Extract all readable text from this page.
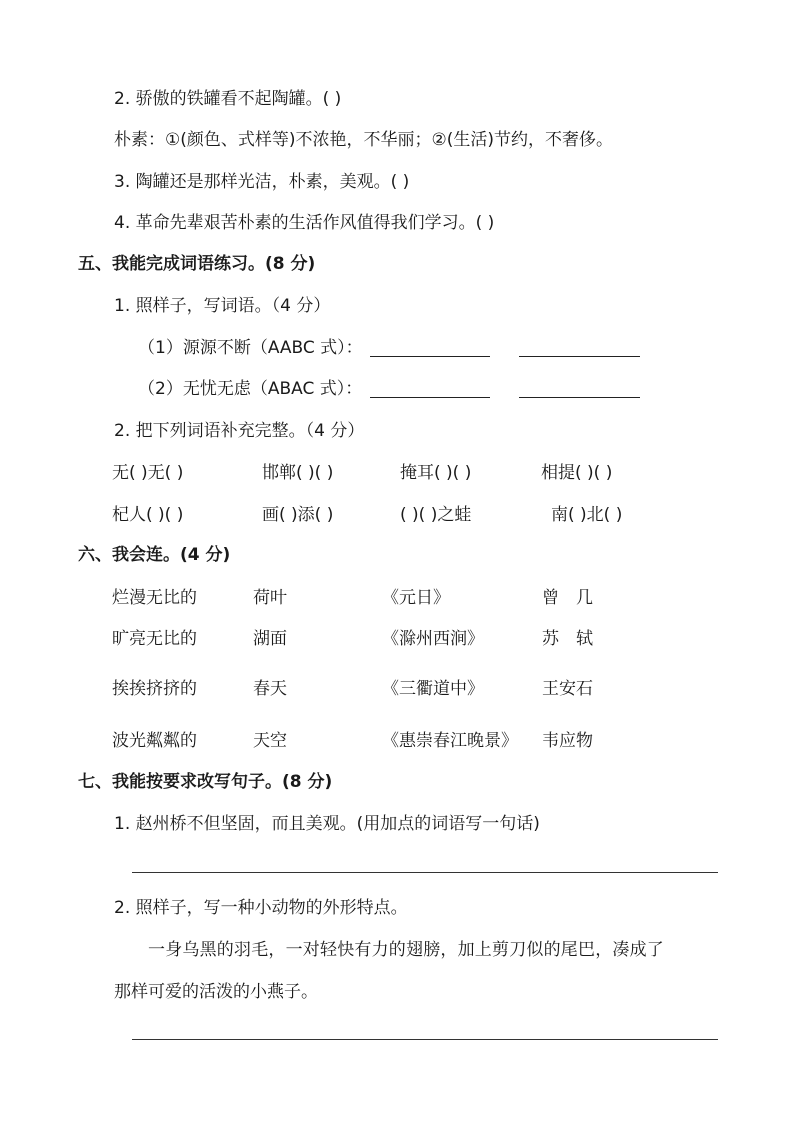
2. 骄傲的铁罐看不起陶罐。( )
朴素：①(颜色、式样等)不浓艳，不华丽；②(生活)节约，不奢侈。
3. 陶罐还是那样光洁，朴素，美观。( )
4. 革命先辈艰苦朴素的生活作风值得我们学习。( )
五、我能完成词语练习。(8 分)
1. 照样子，写词语。（4 分）
（1）源源不断（AABC 式）：
（2）无忧无虑（ABAC 式）：
2. 把下列词语补充完整。（4 分）
无( )无( )	邯郸( )( )	掩耳( )( )	相提( )( )
杞人( )( )	画( )添( )	( )( )之蛙	南( )北( )
六、我会连。(4 分)
烂漫无比的	荷叶	《元日》	曾　几
旷亮无比的	湖面	《滁州西涧》	苏　轼
挨挨挤挤的	春天	《三衢道中》	王安石
波光粼粼的	天空	《惠崇春江晚景》 韦应物
七、我能按要求改写句子。(8 分)
1. 赵州桥不但坚固，而且美观。(用加点的词语写一句话)
2. 照样子，写一种小动物的外形特点。
一身乌黑的羽毛，一对轻快有力的翅膀，加上剪刀似的尾巴，凑成了
那样可爱的活泼的小燕子。
